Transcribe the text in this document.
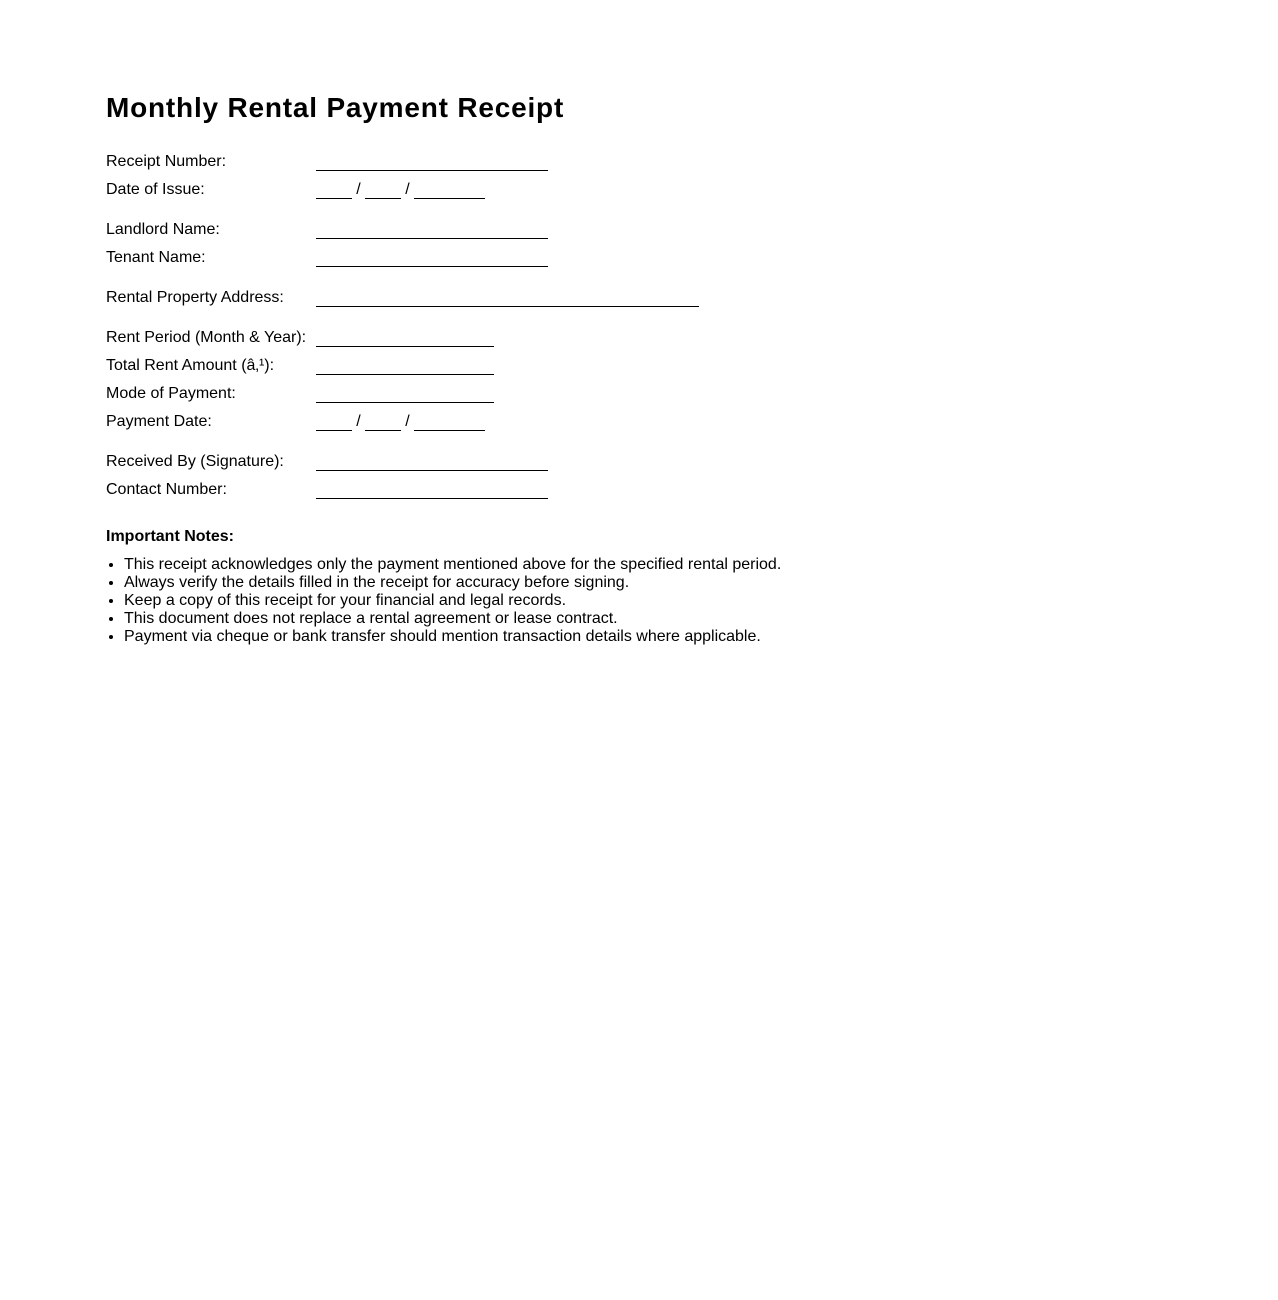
Monthly Rental Payment Receipt
Receipt Number:
Date of Issue:	/	/
Landlord Name:
Tenant Name:
Rental Property Address:
Rent Period (Month & Year):
Total Rent Amount (â‚¹):
Mode of Payment:
Payment Date:	/	/
Received By (Signature):
Contact Number:
Important Notes:
• This receipt acknowledges only the payment mentioned above for the specified rental period.
• Always verify the details filled in the receipt for accuracy before signing.
• Keep a copy of this receipt for your financial and legal records.
• This document does not replace a rental agreement or lease contract.
• Payment via cheque or bank transfer should mention transaction details where applicable.
